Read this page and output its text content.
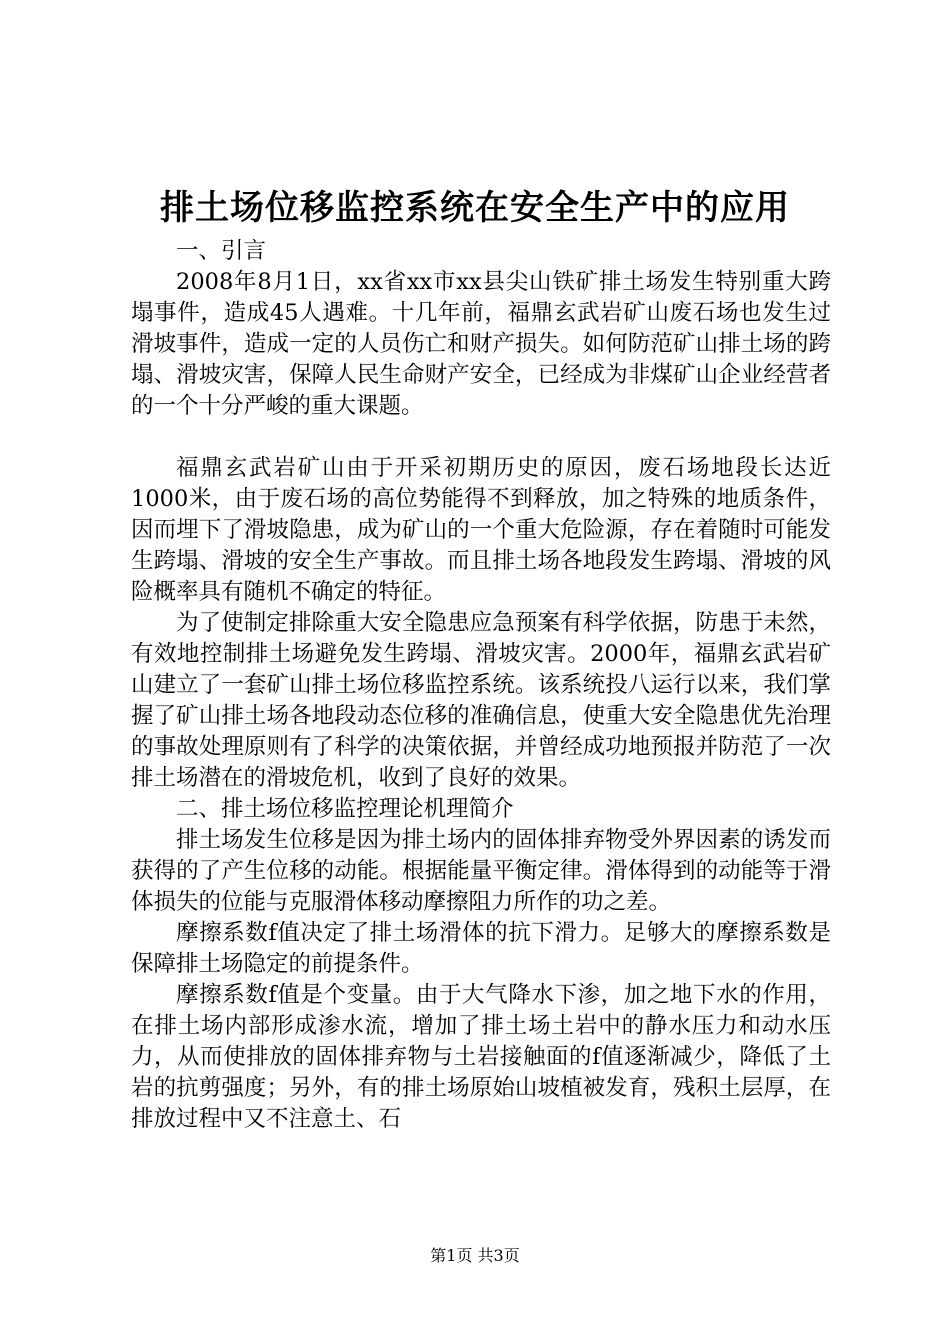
排土场位移监控系统在安全生产中的应用

一、引言

2008年8月1日，xx省xx市xx县尖山铁矿排土场发生特别重大跨塌事件，造成45人遇难。十几年前，福鼎玄武岩矿山废石场也发生过滑坡事件，造成一定的人员伤亡和财产损失。如何防范矿山排土场的跨塌、滑坡灾害，保障人民生命财产安全，已经成为非煤矿山企业经营者的一个十分严峻的重大课题。

福鼎玄武岩矿山由于开采初期历史的原因，废石场地段长达近1000米，由于废石场的高位势能得不到释放，加之特殊的地质条件，因而埋下了滑坡隐患，成为矿山的一个重大危险源，存在着随时可能发生跨塌、滑坡的安全生产事故。而且排土场各地段发生跨塌、滑坡的风险概率具有随机不确定的特征。

为了使制定排除重大安全隐患应急预案有科学依据，防患于未然，有效地控制排土场避免发生跨塌、滑坡灾害。2000年，福鼎玄武岩矿山建立了一套矿山排土场位移监控系统。该系统投八运行以来，我们掌握了矿山排土场各地段动态位移的准确信息，使重大安全隐患优先治理的事故处理原则有了科学的决策依据，并曾经成功地预报并防范了一次排土场潜在的滑坡危机，收到了良好的效果。

二、排土场位移监控理论机理简介

排土场发生位移是因为排土场内的固体排弃物受外界因素的诱发而获得的了产生位移的动能。根据能量平衡定律。滑体得到的动能等于滑体损失的位能与克服滑体移动摩擦阻力所作的功之差。

摩擦系数f值决定了排土场滑体的抗下滑力。足够大的摩擦系数是保障排土场隐定的前提条件。

摩擦系数f值是个变量。由于大气降水下渗，加之地下水的作用，在排土场内部形成渗水流，增加了排土场土岩中的静水压力和动水压力，从而使排放的固体排弃物与土岩接触面的f值逐渐减少，降低了土岩的抗剪强度；另外，有的排土场原始山坡植被发育，残积土层厚，在排放过程中又不注意土、石

第1页 共3页
